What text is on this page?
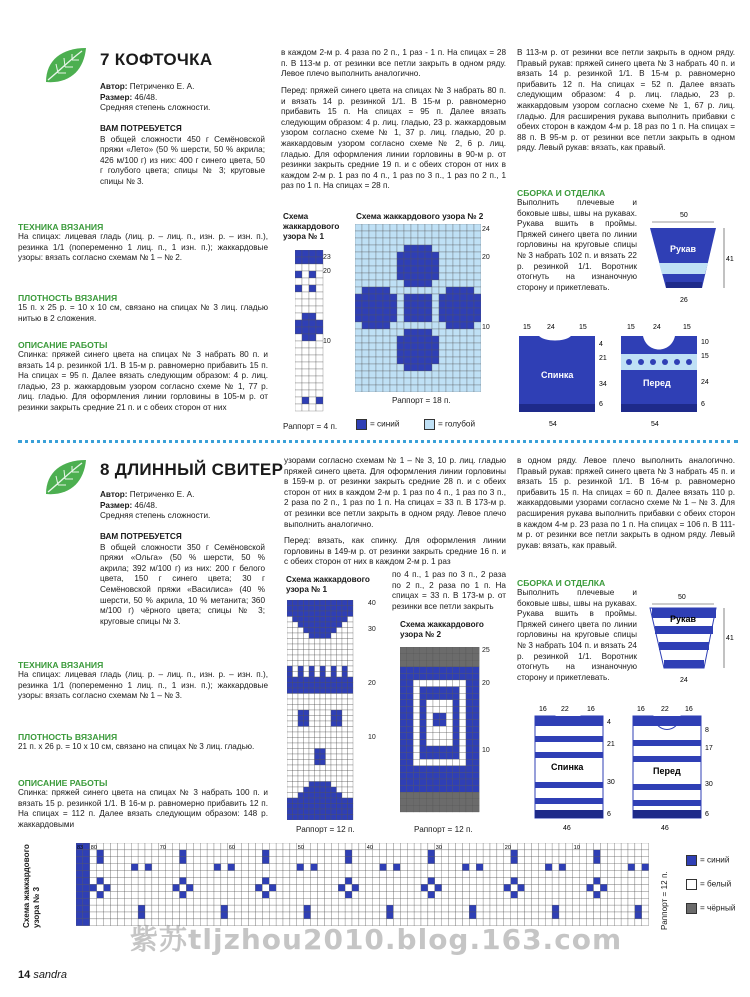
7 КОФТОЧКА
Автор: Петриченко Е. А.
Размер: 46/48.
Средняя степень сложности.
ВАМ ПОТРЕБУЕТСЯ
В общей сложности 450 г Семёновской пряжи «Лето» (50 % шерсти, 50 % акрила; 426 м/100 г) из них: 400 г синего цвета, 50 г голубого цвета; спицы № 3; круговые спицы № 3.
ТЕХНИКА ВЯЗАНИЯ
На спицах: лицевая гладь (лиц. р. – лиц. п., изн. р. – изн. п.), резинка 1/1 (попеременно 1 лиц. п., 1 изн. п.); жаккардовые узоры: вязать согласно схемам № 1 – № 2.
ПЛОТНОСТЬ ВЯЗАНИЯ
15 п. х 25 р. = 10 х 10 см, связано на спицах № 3 лиц. гладью нитью в 2 сложения.
ОПИСАНИЕ РАБОТЫ
Спинка: пряжей синего цвета на спицах № 3 набрать 80 п. и вязать 14 р. резинкой 1/1. В 15-м р. равномерно прибавить 15 п. На спицах = 95 п. Далее вязать следующим образом: 4 р. лиц. гладью, 23 р. жаккардовым узором согласно схеме № 1, 77 р. лиц. гладью. Для оформления линии горловины в 105-м р. от резинки закрыть средние 21 п. и с обеих сторон от них
в каждом 2-м р. 4 раза по 2 п., 1 раз - 1 п. На спицах = 28 п. В 113-м р. от резинки все петли закрыть в одном ряду. Левое плечо выполнить аналогично.
Перед: пряжей синего цвета на спицах № 3 набрать 80 п. и вязать 14 р. резинкой 1/1. В 15-м р. равномерно прибавить 15 п. На спицах = 95 п. Далее вязать следующим образом: 4 р. лиц. гладью, 23 р. жаккардовым узором согласно схеме № 1, 37 р. лиц. гладью, 20 р. жаккардовым узором согласно схеме № 2, 6 р. лиц. гладью. Для оформления линии горловины в 90-м р. от резинки закрыть средние 19 п. и с обеих сторон от них в каждом 2-м р. 1 раз по 4 п., 1 раз по 3 п., 1 раз по 2 п., 1 раз по 1 п. На спицах = 28 п.
В 113-м р. от резинки все петли закрыть в одном ряду. Правый рукав: пряжей синего цвета № 3 набрать 40 п. и вязать 14 р. резинкой 1/1. В 15-м р. равномерно прибавить 12 п. На спицах = 52 п. Далее вязать следующим образом: 4 р. лиц. гладью, 23 р. жаккардовым узором согласно схеме № 1, 67 р. лиц. гладью. Для расширения рукава выполнить прибавки с обеих сторон в каждом 4-м р. 18 раз по 1 п. На спицах = 88 п. В 95-м р. от резинки все петли закрыть в одном ряду. Левый рукав: вязать, как правый.
СБОРКА И ОТДЕЛКА
Выполнить плечевые и боковые швы, швы на рукавах. Рукава вшить в проймы. Пряжей синего цвета по линии горловины на круговые спицы № 3 набрать 102 п. и вязать 22 р. резинкой 1/1. Воротник отогнуть на изнаночную сторону и прикетлевать.
Схема жаккардового узора № 1
Схема жаккардового узора № 2
23
20
10
24
20
10
Раппорт = 18 п.
Раппорт = 4 п.	= синий	= голубой
50
Рукав
41
26
15 24	15
Спинка
4
21
34
6
54
15	24	15
Перед
10
15
24
6
54
8 ДЛИННЫЙ СВИТЕР
Автор: Петриченко Е. А.
Размер: 46/48.
Средняя степень сложности.
ВАМ ПОТРЕБУЕТСЯ
В общей сложности 350 г Семёновской пряжи «Ольга» (50 % шерсти, 50 % акрила; 392 м/100 г) из них: 200 г белого цвета, 150 г синего цвета; 30 г Семёновской пряжи «Василиса» (40 % шерсти, 50 % акрила, 10 % метанита; 360 м/100 г) чёрного цвета; спицы № 3; круговые спицы № 3.
ТЕХНИКА ВЯЗАНИЯ
На спицах: лицевая гладь (лиц. р. – лиц. п., изн. р. – изн. п.), резинка 1/1 (попеременно 1 лиц. п., 1 изн. п.); жаккардовые узоры: вязать согласно схемам № 1 – № 3.
ПЛОТНОСТЬ ВЯЗАНИЯ
21 п. х 26 р. = 10 х 10 см, связано на спицах № 3 лиц. гладью.
ОПИСАНИЕ РАБОТЫ
Спинка: пряжей синего цвета на спицах № 3 набрать 100 п. и вязать 15 р. резинкой 1/1. В 16-м р. равномерно прибавить 12 п. На спицах = 112 п. Далее вязать следующим образом: 148 р. жаккардовыми
узорами согласно схемам № 1 – № 3, 10 р. лиц. гладью пряжей синего цвета. Для оформления линии горловины в 159-м р. от резинки закрыть средние 28 п. и с обеих сторон от них в каждом 2-м р. 1 раз по 4 п., 1 раз по 3 п., 2 раза по 2 п., 1 раз по 1 п. На спицах = 33 п. В 173-м р. от резинки все петли закрыть в одном ряду. Левое плечо выполнить аналогично.
Перед: вязать, как спинку. Для оформления линии горловины в 149-м р. от резинки закрыть средние 16 п. и с обеих сторон от них в каждом 2-м р. 1 раз
по 4 п., 1 раз по 3 п., 2 раза по 2 п., 2 раза по 1 п. На спицах = 33 п. В 173-м р. от резинки все петли закрыть
в одном ряду. Левое плечо выполнить аналогично. Правый рукав: пряжей синего цвета № 3 набрать 45 п. и вязать 15 р. резинкой 1/1. В 16-м р. равномерно прибавить 15 п. На спицах = 60 п. Далее вязать 110 р. жаккардовыми узорами согласно схеме № 1 – № 3. Для расширения рукава выполнить прибавки с обеих сторон в каждом 4-м р. 23 раза по 1 п. На спицах = 106 п. В 111-м р. от резинки все петли закрыть в одном ряду. Левый рукав: вязать, как правый.
СБОРКА И ОТДЕЛКА
Выполнить плечевые и боковые швы, швы на рукавах. Рукава вшить в проймы. Пряжей синего цвета по линии горловины на круговые спицы № 3 набрать 104 п. и вязать 24 р. резинкой 1/1. Воротник отогнуть на изнаночную сторону и прикетлевать.
Схема жаккардового узора № 1
40
30
20
10
Раппорт = 12 п.
Схема жаккардового узора № 2
25
20
10
Раппорт = 12 п.
50
Рукав
41
24
16 22	16
Спинка
4
21
30
6
46
16 22 16
Перед
8
17
30
6
46
Схема жаккардового узора № 3
83 80	70	60	50	40	30	20	10
Раппорт = 12 п.
= синий
= белый
= чёрный
紫苏tljzhou2010.blog.163.com
14 sandra
